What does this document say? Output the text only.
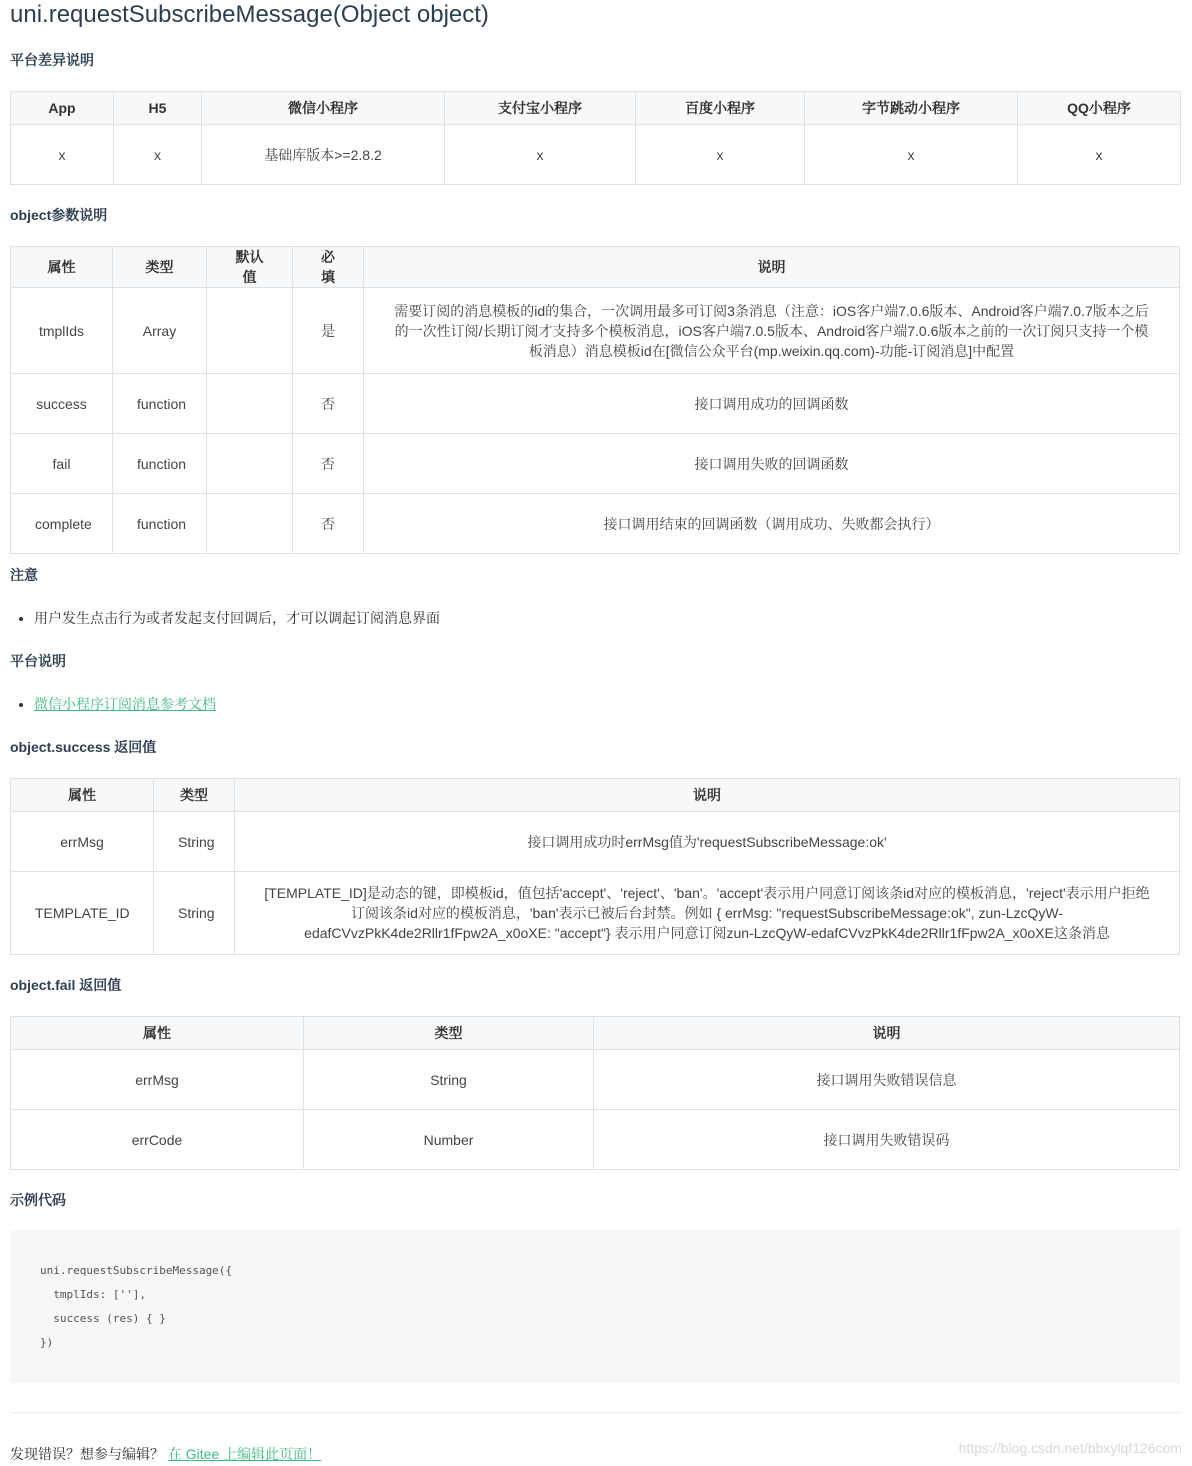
uni.requestSubscribeMessage(Object object)
平台差异说明
App	H5	微信小程序	支付宝小程序	百度小程序	字节跳动小程序	QQ小程序
x	x	基础库版本>=2.8.2	x	x	x	x
object参数说明
属性	类型	默认值	必填	说明
tmplIds	Array		是	需要订阅的消息模板的id的集合，一次调用最多可订阅3条消息（注意：iOS客户端7.0.6版本、Android客户端7.0.7版本之后的一次性订阅/长期订阅才支持多个模板消息，iOS客户端7.0.5版本、Android客户端7.0.6版本之前的一次订阅只支持一个模板消息）消息模板id在[微信公众平台(mp.weixin.qq.com)-功能-订阅消息]中配置
success	function		否	接口调用成功的回调函数
fail	function		否	接口调用失败的回调函数
complete	function		否	接口调用结束的回调函数（调用成功、失败都会执行）
注意
• 用户发生点击行为或者发起支付回调后，才可以调起订阅消息界面
平台说明
• 微信小程序订阅消息参考文档
object.success 返回值
属性	类型	说明
errMsg	String	接口调用成功时errMsg值为'requestSubscribeMessage:ok'
TEMPLATE_ID	String	[TEMPLATE_ID]是动态的键，即模板id，值包括'accept'、'reject'、'ban'。'accept'表示用户同意订阅该条id对应的模板消息，'reject'表示用户拒绝订阅该条id对应的模板消息，'ban'表示已被后台封禁。例如 { errMsg: "requestSubscribeMessage:ok", zun-LzcQyW-edafCVvzPkK4de2Rllr1fFpw2A_x0oXE: "accept"} 表示用户同意订阅zun-LzcQyW-edafCVvzPkK4de2Rllr1fFpw2A_x0oXE这条消息
object.fail 返回值
属性	类型	说明
errMsg	String	接口调用失败错误信息
errCode	Number	接口调用失败错误码
示例代码
uni.requestSubscribeMessage({
tmplIds: [''],
success (res) { }
})
发现错误？想参与编辑？ 在 Gitee 上编辑此页面！	https://blog.csdn.net/bbxylqf126com
